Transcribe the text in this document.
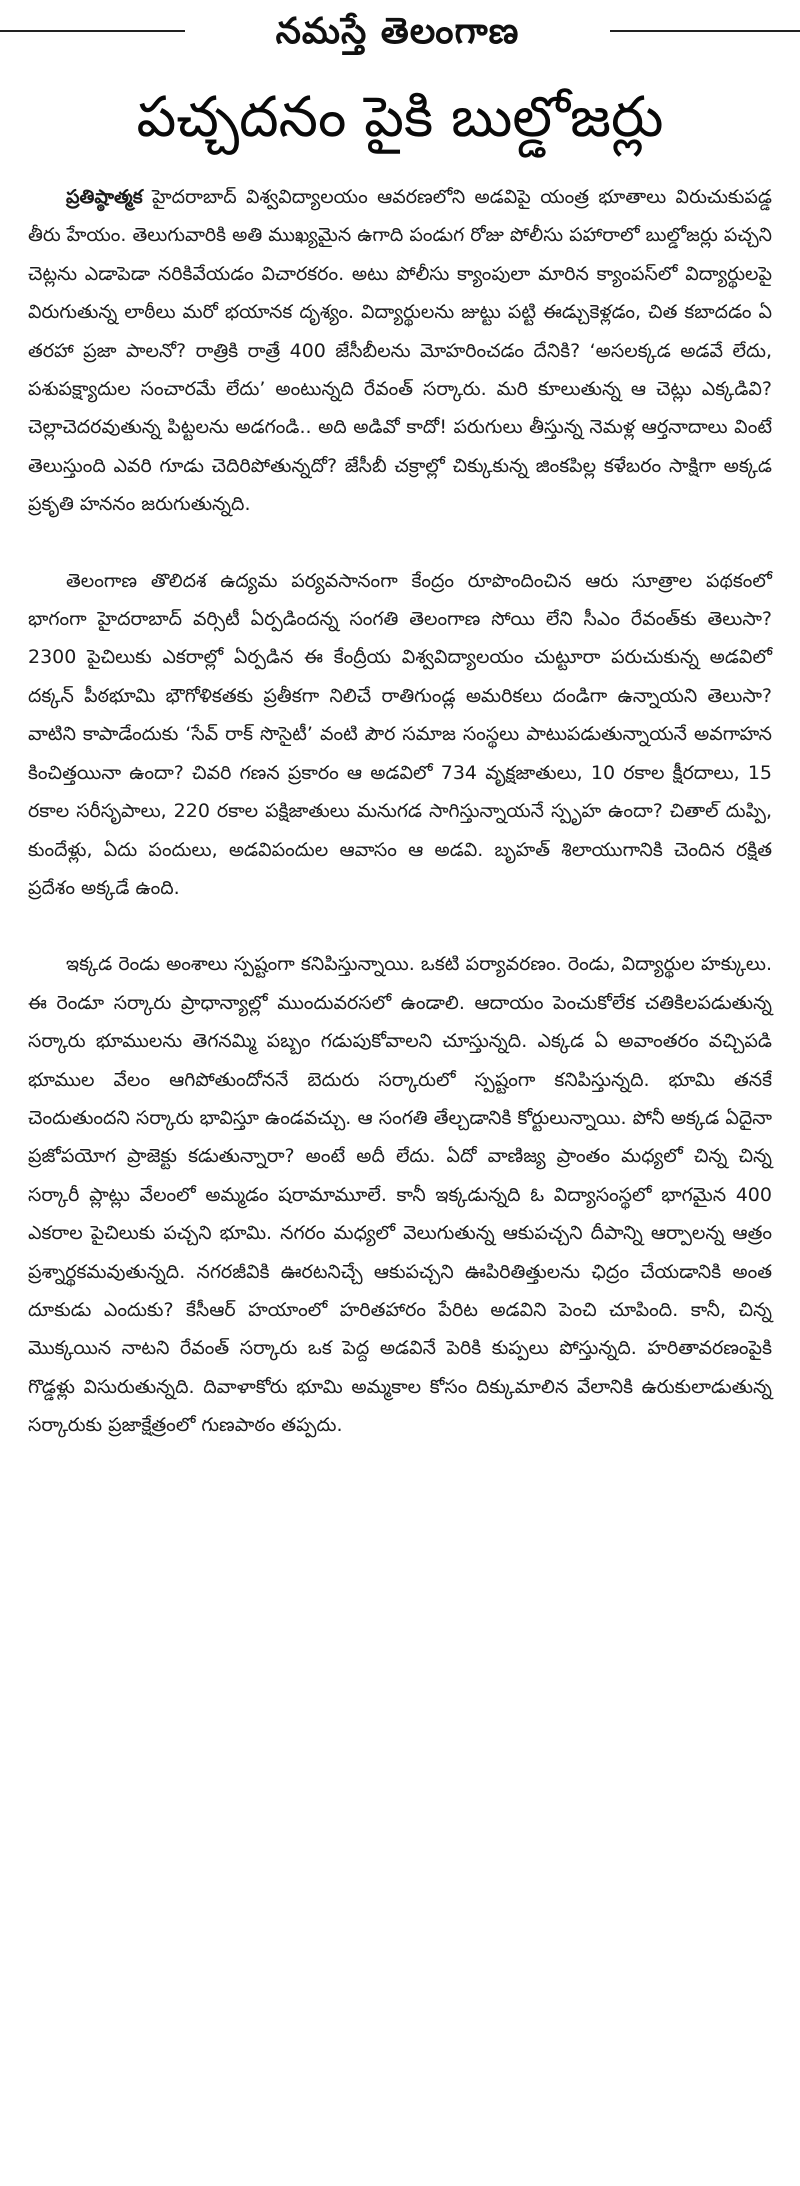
నమస్తే తెలంగాణ
పచ్చదనం పైకి బుల్డోజర్లు

ప్రతిష్ఠాత్మక హైదరాబాద్ విశ్వవిద్యాలయం ఆవరణలోని అడవిపై యంత్ర భూతాలు విరుచుకుపడ్డ తీరు హేయం. తెలుగువారికి అతి ముఖ్యమైన ఉగాది పండుగ రోజు పోలీసు పహారాలో బుల్డోజర్లు పచ్చని చెట్లను ఎడాపెడా నరికివేయడం విచారకరం. అటు పోలీసు క్యాంపులా మారిన క్యాంపస్‌లో విద్యార్థులపై విరుగుతున్న లాఠీలు మరో భయానక దృశ్యం. విద్యార్థులను జుట్టు పట్టి ఈడ్చుకెళ్లడం, చిత కబాదడం ఏ తరహా ప్రజా పాలనో? రాత్రికి రాత్రే 400 జేసీబీలను మోహరించడం దేనికి? ‘అసలక్కడ అడవే లేదు, పశుపక్ష్యాదుల సంచారమే లేదు’ అంటున్నది రేవంత్ సర్కారు. మరి కూలుతున్న ఆ చెట్లు ఎక్కడివి? చెల్లాచెదరవుతున్న పిట్టలను అడగండి.. అది అడివో కాదో! పరుగులు తీస్తున్న నెమళ్ల ఆర్తనాదాలు వింటే తెలుస్తుంది ఎవరి గూడు చెదిరిపోతున్నదో? జేసీబీ చక్రాల్లో చిక్కుకున్న జింకపిల్ల కళేబరం సాక్షిగా అక్కడ ప్రకృతి హననం జరుగుతున్నది.

తెలంగాణ తొలిదశ ఉద్యమ పర్యవసానంగా కేంద్రం రూపొందించిన ఆరు సూత్రాల పథకంలో భాగంగా హైదరాబాద్ వర్సిటీ ఏర్పడిందన్న సంగతి తెలంగాణ సోయి లేని సీఎం రేవంత్‌కు తెలుసా? 2300 పైచిలుకు ఎకరాల్లో ఏర్పడిన ఈ కేంద్రీయ విశ్వవిద్యాలయం చుట్టూరా పరుచుకున్న అడవిలో దక్కన్ పీఠభూమి భౌగోళికతకు ప్రతీకగా నిలిచే రాతిగుండ్ల అమరికలు దండిగా ఉన్నాయని తెలుసా? వాటిని కాపాడేందుకు ‘సేవ్ రాక్ సొసైటీ’ వంటి పౌర సమాజ సంస్థలు పాటుపడుతున్నాయనే అవగాహన కించిత్తయినా ఉందా? చివరి గణన ప్రకారం ఆ అడవిలో 734 వృక్షజాతులు, 10 రకాల క్షీరదాలు, 15 రకాల సరీసృపాలు, 220 రకాల పక్షిజాతులు మనుగడ సాగిస్తున్నాయనే స్పృహ ఉందా? చితాల్ దుప్పి, కుందేళ్లు, ఏదు పందులు, అడవిపందుల ఆవాసం ఆ అడవి. బృహత్ శిలాయుగానికి చెందిన రక్షిత ప్రదేశం అక్కడే ఉంది.

ఇక్కడ రెండు అంశాలు స్పష్టంగా కనిపిస్తున్నాయి. ఒకటి పర్యావరణం. రెండు, విద్యార్థుల హక్కులు. ఈ రెండూ సర్కారు ప్రాధాన్యాల్లో ముందువరసలో ఉండాలి. ఆదాయం పెంచుకోలేక చతికిలపడుతున్న సర్కారు భూములను తెగనమ్మి పబ్బం గడుపుకోవాలని చూస్తున్నది. ఎక్కడ ఏ అవాంతరం వచ్చిపడి భూముల వేలం ఆగిపోతుందోననే బెదురు సర్కారులో స్పష్టంగా కనిపిస్తున్నది. భూమి తనకే చెందుతుందని సర్కారు భావిస్తూ ఉండవచ్చు. ఆ సంగతి తేల్చడానికి కోర్టులున్నాయి. పోనీ అక్కడ ఏదైనా ప్రజోపయోగ ప్రాజెక్టు కడుతున్నారా? అంటే అదీ లేదు. ఏదో వాణిజ్య ప్రాంతం మధ్యలో చిన్న చిన్న సర్కారీ ప్లాట్లు వేలంలో అమ్మడం షరామామూలే. కానీ ఇక్కడున్నది ఓ విద్యాసంస్థలో భాగమైన 400 ఎకరాల పైచిలుకు పచ్చని భూమి. నగరం మధ్యలో వెలుగుతున్న ఆకుపచ్చని దీపాన్ని ఆర్పాలన్న ఆత్రం ప్రశ్నార్థకమవుతున్నది. నగరజీవికి ఊరటనిచ్చే ఆకుపచ్చని ఊపిరితిత్తులను ఛిద్రం చేయడానికి అంత దూకుడు ఎందుకు? కేసీఆర్ హయాంలో హరితహారం పేరిట అడవిని పెంచి చూపింది. కానీ, చిన్న మొక్కయిన నాటని రేవంత్ సర్కారు ఒక పెద్ద అడవినే పెరికి కుప్పలు పోస్తున్నది. హరితావరణంపైకి గొడ్డళ్లు విసురుతున్నది. దివాళాకోరు భూమి అమ్మకాల కోసం దిక్కుమాలిన వేలానికి ఉరుకులాడుతున్న సర్కారుకు ప్రజాక్షేత్రంలో గుణపాఠం తప్పదు.
